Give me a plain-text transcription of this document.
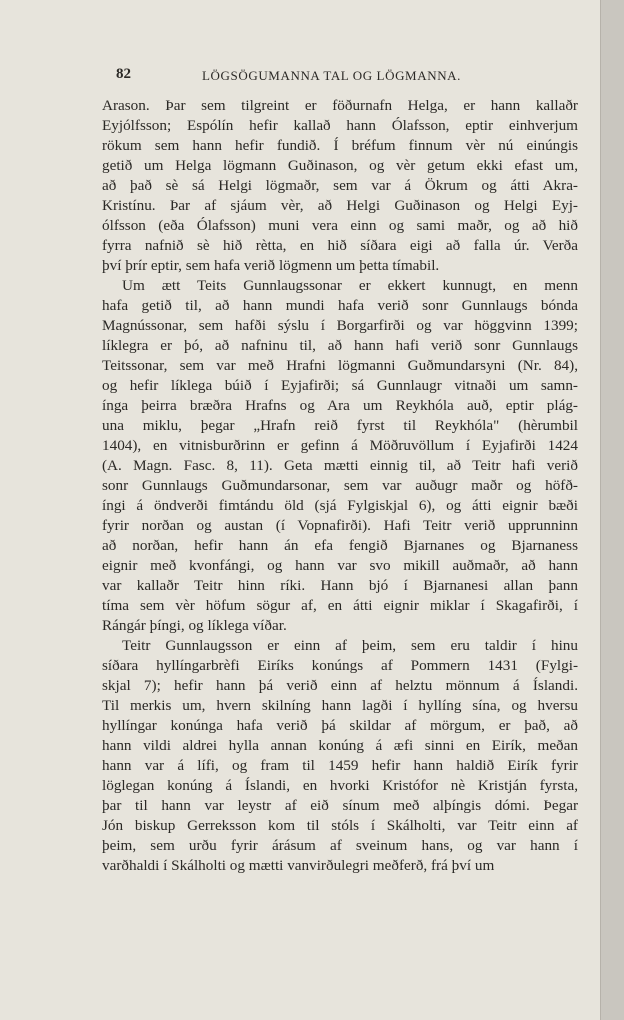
82	LÖGSÖGUMANNA TAL OG LÖGMANNA.
Arason. Þar sem tilgreint er föðurnafn Helga, er hann kallaðr
Eyjólfsson; Espólín hefir kallað hann Ólafsson, eptir einhverjum
rökum sem hann hefir fundið. Í bréfum finnum vèr nú einúngis
getið um Helga lögmann Guðinason, og vèr getum ekki efast um,
að það sè sá Helgi lögmaðr, sem var á Ökrum og átti Akra-
Kristínu. Þar af sjáum vèr, að Helgi Guðinason og Helgi Eyj-
ólfsson (eða Ólafsson) muni vera einn og sami maðr, og að hið
fyrra nafnið sè hið rètta, en hið síðara eigi að falla úr. Verða
því þrír eptir, sem hafa verið lögmenn um þetta tímabil.
Um ætt Teits Gunnlaugssonar er ekkert kunnugt, en menn
hafa getið til, að hann mundi hafa verið sonr Gunnlaugs bónda
Magnússonar, sem hafði sýslu í Borgarfirði og var höggvinn 1399;
líklegra er þó, að nafninu til, að hann hafi verið sonr Gunnlaugs
Teitssonar, sem var með Hrafni lögmanni Guðmundarsyni (Nr. 84),
og hefir líklega búið í Eyjafirði; sá Gunnlaugr vitnaði um samn-
ínga þeirra bræðra Hrafns og Ara um Reykhóla auð, eptir plág-
una miklu, þegar „Hrafn reið fyrst til Reykhóla" (hèrumbil
1404), en vitnisburðrinn er gefinn á Möðruvöllum í Eyjafirði 1424
(A. Magn. Fasc. 8, 11). Geta mætti einnig til, að Teitr hafi verið
sonr Gunnlaugs Guðmundarsonar, sem var auðugr maðr og höfð-
íngi á öndverði fimtándu öld (sjá Fylgiskjal 6), og átti eignir bæði
fyrir norðan og austan (í Vopnafirði). Hafi Teitr verið upprunninn
að norðan, hefir hann án efa fengið Bjarnanes og Bjarnaness
eignir með kvonfángi, og hann var svo mikill auðmaðr, að hann
var kallaðr Teitr hinn ríki. Hann bjó í Bjarnanesi allan þann
tíma sem vèr höfum sögur af, en átti eignir miklar í Skagafirði, í
Rángár þíngi, og líklega víðar.
Teitr Gunnlaugsson er einn af þeim, sem eru taldir í hinu
síðara hyllíngarbrèfi Eiríks konúngs af Pommern 1431 (Fylgi-
skjal 7); hefir hann þá verið einn af helztu mönnum á Íslandi.
Til merkis um, hvern skilníng hann lagði í hyllíng sína, og hversu
hyllíngar konúnga hafa verið þá skildar af mörgum, er það, að
hann vildi aldrei hylla annan konúng á æfi sinni en Eirík, meðan
hann var á lífi, og fram til 1459 hefir hann haldið Eirík fyrir
löglegan konúng á Íslandi, en hvorki Kristófor nè Kristján fyrsta,
þar til hann var leystr af eið sínum með alþíngis dómi. Þegar
Jón biskup Gerreksson kom til stóls í Skálholti, var Teitr einn af
þeim, sem urðu fyrir árásum af sveinum hans, og var hann í
varðhaldi í Skálholti og mætti vanvirðulegri meðferð, frá því um
